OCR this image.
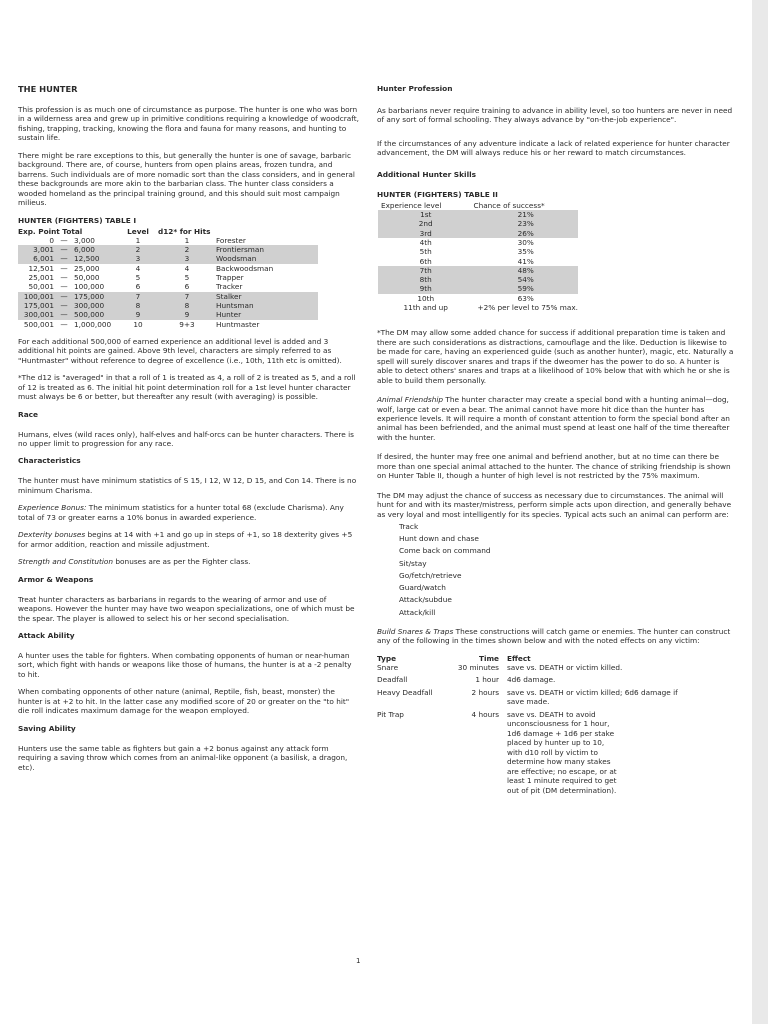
THE HUNTER

This profession is as much one of circumstance as purpose. The hunter is one who was born in a wilderness area and grew up in primitive conditions requiring a knowledge of woodcraft, fishing, trapping, tracking, knowing the flora and fauna for many reasons, and hunting to sustain life.

There might be rare exceptions to this, but generally the hunter is one of savage, barbaric background. There are, of course, hunters from open plains areas, frozen tundra, and barrens. Such individuals are of more nomadic sort than the class considers, and in general these backgrounds are more akin to the barbarian class. The hunter class considers a wooded homeland as the principal training ground, and this should suit most campaign milieus.

HUNTER (FIGHTERS) TABLE I
Exp. Point Total			Level	d12* for Hits	
0	—	3,000	1	1	Forester
3,001	—	6,000	2	2	Frontiersman
6,001	—	12,500	3	3	Woodsman
12,501	—	25,000	4	4	Backwoodsman
25,001	—	50,000	5	5	Trapper
50,001	—	100,000	6	6	Tracker
100,001	—	175,000	7	7	Stalker
175,001	—	300,000	8	8	Huntsman
300,001	—	500,000	9	9	Hunter
500,001	—	1,000,000	10	9+3	Huntmaster

For each additional 500,000 of earned experience an additional level is added and 3 additional hit points are gained. Above 9th level, characters are simply referred to as "Huntmaster" without reference to degree of excellence (i.e., 10th, 11th etc is omitted).

*The d12 is "averaged" in that a roll of 1 is treated as 4, a roll of 2 is treated as 5, and a roll of 12 is treated as 6. The initial hit point determination roll for a 1st level hunter character must always be 6 or better, but thereafter any result (with averaging) is possible.

Race

Humans, elves (wild races only), half-elves and half-orcs can be hunter characters. There is no upper limit to progression for any race.

Characteristics

The hunter must have minimum statistics of S 15, I 12, W 12, D 15, and Con 14. There is no minimum Charisma.

Experience Bonus: The minimum statistics for a hunter total 68 (exclude Charisma). Any total of 73 or greater earns a 10% bonus in awarded experience.

Dexterity bonuses begins at 14 with +1 and go up in steps of +1, so 18 dexterity gives +5 for armor addition, reaction and missile adjustment.

Strength and Constitution bonuses are as per the Fighter class.

Armor & Weapons

Treat hunter characters as barbarians in regards to the wearing of armor and use of weapons. However the hunter may have two weapon specializations, one of which must be the spear. The player is allowed to select his or her second specialisation.

Attack Ability

A hunter uses the table for fighters. When combating opponents of human or near-human sort, which fight with hands or weapons like those of humans, the hunter is at a -2 penalty to hit.

When combating opponents of other nature (animal, Reptile, fish, beast, monster) the hunter is at +2 to hit. In the latter case any modified score of 20 or greater on the "to hit" die roll indicates maximum damage for the weapon employed.

Saving Ability

Hunters use the same table as fighters but gain a +2 bonus against any attack form requiring a saving throw which comes from an animal-like opponent (a basilisk, a dragon, etc).

Hunter Profession

As barbarians never require training to advance in ability level, so too hunters are never in need of any sort of formal schooling. They always advance by "on-the-job experience".

If the circumstances of any adventure indicate a lack of related experience for hunter character advancement, the DM will always reduce his or her reward to match circumstances.

Additional Hunter Skills
HUNTER (FIGHTERS) TABLE II
Experience level	Chance of success*
1st	21%
2nd	23%
3rd	26%
4th	30%
5th	35%
6th	41%
7th	48%
8th	54%
9th	59%
10th	63%
11th and up	+2% per level to 75% max.

*The DM may allow some added chance for success if additional preparation time is taken and there are such considerations as distractions, camouflage and the like. Deduction is likewise to be made for care, having an experienced guide (such as another hunter), magic, etc. Naturally a spell will surely discover snares and traps if the dweomer has the power to do so. A hunter is able to detect others' snares and traps at a likelihood of 10% below that with which he or she is able to build them personally.

Animal Friendship The hunter character may create a special bond with a hunting animal—dog, wolf, large cat or even a bear. The animal cannot have more hit dice than the hunter has experience levels. It will require a month of constant attention to form the special bond after an animal has been befriended, and the animal must spend at least one half of the time thereafter with the hunter.

If desired, the hunter may free one animal and befriend another, but at no time can there be more than one special animal attached to the hunter. The chance of striking friendship is shown on Hunter Table II, though a hunter of high level is not restricted by the 75% maximum.

The DM may adjust the chance of success as necessary due to circumstances. The animal will hunt for and with its master/mistress, perform simple acts upon direction, and generally behave as very loyal and most intelligently for its species. Typical acts such an animal can perform are:

Track
Hunt down and chase
Come back on command
Sit/stay
Go/fetch/retrieve
Guard/watch
Attack/subdue
Attack/kill

Build Snares & Traps These constructions will catch game or enemies. The hunter can construct any of the following in the times shown below and with the noted effects on any victim:

Type	Time	Effect
Snare	30 minutes	save vs. DEATH or victim killed.
Deadfall	1 hour	4d6 damage.
Heavy Deadfall	2 hours	save vs. DEATH or victim killed; 6d6 damage if save made.
Pit Trap	4 hours	save vs. DEATH to avoid unconsciousness for 1 hour, 1d6 damage + 1d6 per stake placed by hunter up to 10, with d10 roll by victim to determine how many stakes are effective; no escape, or at least 1 minute required to get out of pit (DM determination).
1
